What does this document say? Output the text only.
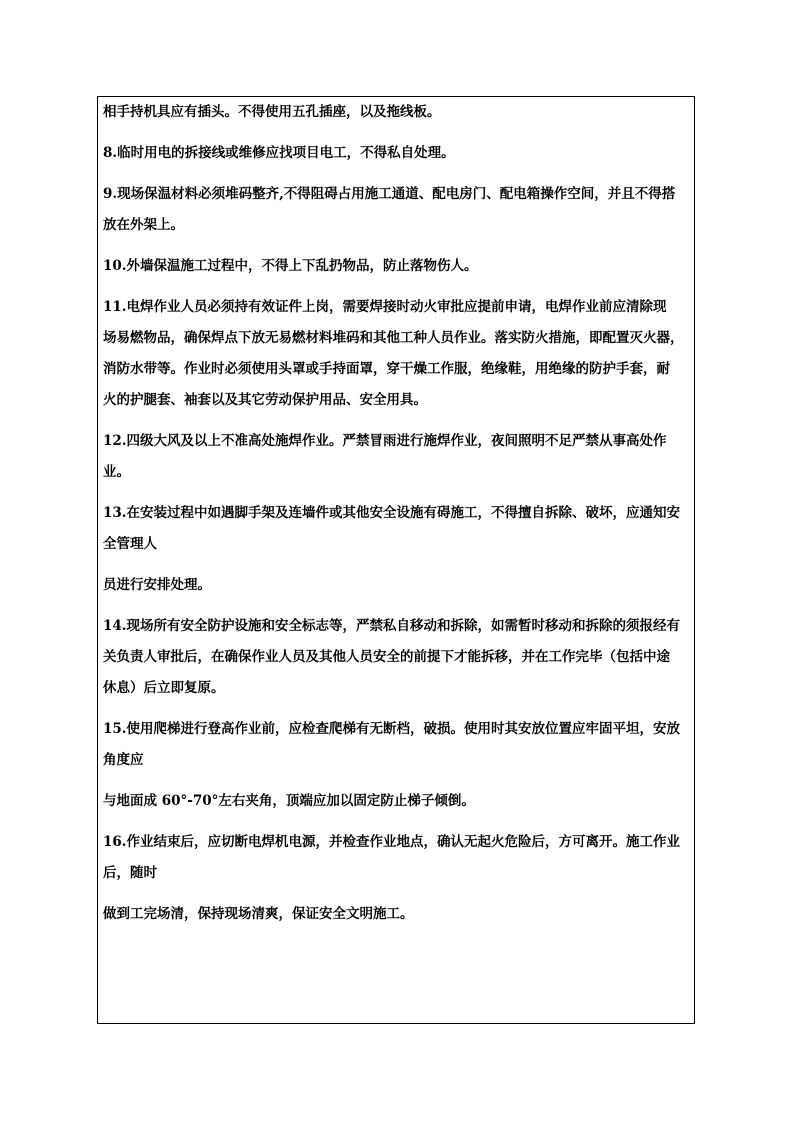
相手持机具应有插头。不得使用五孔插座，以及拖线板。
8.临时用电的拆接线或维修应找项目电工，不得私自处理。
9.现场保温材料必须堆码整齐,不得阻碍占用施工通道、配电房门、配电箱操作空间，并且不得搭
放在外架上。
10.外墙保温施工过程中，不得上下乱扔物品，防止落物伤人。
11.电焊作业人员必须持有效证件上岗，需要焊接时动火审批应提前申请，电焊作业前应清除现
场易燃物品，确保焊点下放无易燃材料堆码和其他工种人员作业。落实防火措施，即配置灭火器，
消防水带等。作业时必须使用头罩或手持面罩，穿干燥工作服，绝缘鞋，用绝缘的防护手套，耐
火的护腿套、袖套以及其它劳动保护用品、安全用具。
12.四级大风及以上不准高处施焊作业。严禁冒雨进行施焊作业，夜间照明不足严禁从事高处作
业。
13.在安装过程中如遇脚手架及连墙件或其他安全设施有碍施工，不得擅自拆除、破坏，应通知安
全管理人
员进行安排处理。
14.现场所有安全防护设施和安全标志等，严禁私自移动和拆除，如需暂时移动和拆除的须报经有
关负责人审批后，在确保作业人员及其他人员安全的前提下才能拆移，并在工作完毕（包括中途
休息）后立即复原。
15.使用爬梯进行登高作业前，应检查爬梯有无断档，破损。使用时其安放位置应牢固平坦，安放
角度应
与地面成 60°-70°左右夹角，顶端应加以固定防止梯子倾倒。
16.作业结束后，应切断电焊机电源，并检查作业地点，确认无起火危险后，方可离开。施工作业
后，随时
做到工完场清，保持现场清爽，保证安全文明施工。
